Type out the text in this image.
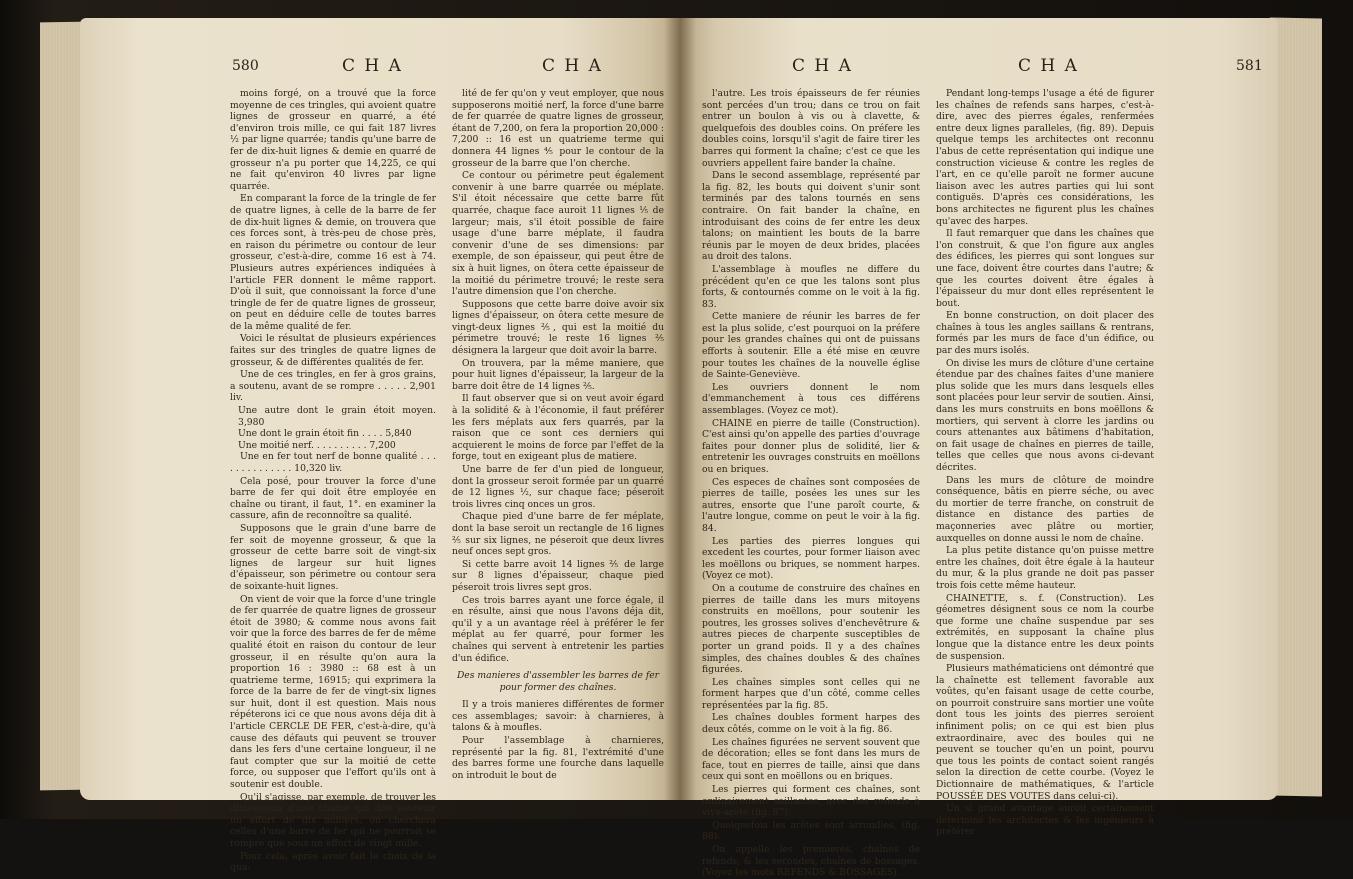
580	C H A	C H A

moins forgé, on a trouvé que la force moyenne de ces tringles, qui avoient quatre lignes de grosseur en quarré, a été d'environ trois mille, ce qui fait 187 livres ½ par ligne quarrée; tandis qu'une barre de fer de dix-huit lignes & demie en quarré de grosseur n'a pu porter que 14,225, ce qui ne fait qu'environ 40 livres par ligne quarrée.

En comparant la force de la tringle de fer de quatre lignes, à celle de la barre de fer de dix-huit lignes & demie, on trouvera que ces forces sont, à très-peu de chose près, en raison du périmetre ou contour de leur grosseur, c'est-à-dire, comme 16 est à 74. Plusieurs autres expériences indiquées à l'article FER donnent le même rapport. D'où il suit, que connoissant la force d'une tringle de fer de quatre lignes de grosseur, on peut en déduire celle de toutes barres de la même qualité de fer.

Voici le résultat de plusieurs expériences faites sur des tringles de quatre lignes de grosseur, & de différentes qualités de fer.

Une de ces tringles, en fer à gros grains, a soutenu, avant de se rompre . . . . . 2,901 liv.

Une autre dont le grain étoit moyen. 3,980

Une dont le grain étoit fin . . . . 5,840

Une moitié nerf. . . . . . . . . . 7,200

Une en fer tout nerf de bonne qualité . . . . . . . . . . . . . . 10,320 liv.

Cela posé, pour trouver la force d'une barre de fer qui doit être employée en chaîne ou tirant, il faut, 1°. en examiner la cassure, afin de reconnoître sa qualité.

Supposons que le grain d'une barre de fer soit de moyenne grosseur, & que la grosseur de cette barre soit de vingt-six lignes de largeur sur huit lignes d'épaisseur, son périmetre ou contour sera de soixante-huit lignes.

On vient de voir que la force d'une tringle de fer quarrée de quatre lignes de grosseur étoit de 3980; & comme nous avons fait voir que la force des barres de fer de même qualité étoit en raison du contour de leur grosseur, il en résulte qu'on aura la proportion 16 : 3980 :: 68 est à un quatrieme terme, 16915; qui exprimera la force de la barre de fer de vingt-six lignes sur huit, dont il est question. Mais nous répéterons ici ce que nous avons déja dit à l'article CERCLE DE FER, c'est-à-dire, qu'à cause des défauts qui peuvent se trouver dans les fers d'une certaine longueur, il ne faut compter que sur la moitié de cette force, ou supposer que l'effort qu'ils ont à soutenir est double.

Qu'il s'agisse, par exemple, de trouver les dimensions d'une chaîne qui doit soutenir un effort de dix milliers, on cherchera celles d'une barre de fer qui ne pourroit se rompre que sous un effort de vingt mille.

Pour cela, après avoir fait le choix de la qua-

lité de fer qu'on y veut employer, que nous supposerons moitié nerf, la force d'une barre de fer quarrée de quatre lignes de grosseur, étant de 7,200, on fera la proportion 20,000 : 7,200 :: 16 est un quatrieme terme qui donnera 44 lignes ⅘ pour le contour de la grosseur de la barre que l'on cherche.

Ce contour ou périmetre peut également convenir à une barre quarrée ou méplate. S'il étoit nécessaire que cette barre fût quarrée, chaque face auroit 11 lignes ⅕ de largeur; mais, s'il étoit possible de faire usage d'une barre méplate, il faudra convenir d'une de ses dimensions: par exemple, de son épaisseur, qui peut être de six à huit lignes, on ôtera cette épaisseur de la moitié du périmetre trouvé; le reste sera l'autre dimension que l'on cherche.

Supposons que cette barre doive avoir six lignes d'épaisseur, on ôtera cette mesure de vingt-deux lignes ⅖, qui est la moitié du périmetre trouvé; le reste 16 lignes ⅖ désignera la largeur que doit avoir la barre.

On trouvera, par la même maniere, que pour huit lignes d'épaisseur, la largeur de la barre doit être de 14 lignes ⅖.

Il faut observer que si on veut avoir égard à la solidité & à l'économie, il faut préférer les fers méplats aux fers quarrés, par la raison que ce sont ces derniers qui acquierent le moins de force par l'effet de la forge, tout en exigeant plus de matiere.

Une barre de fer d'un pied de longueur, dont la grosseur seroit formée par un quarré de 12 lignes ½, sur chaque face; péseroit trois livres cinq onces un gros.

Chaque pied d'une barre de fer méplate, dont la base seroit un rectangle de 16 lignes ⅖ sur six lignes, ne péseroit que deux livres neuf onces sept gros.

Si cette barre avoit 14 lignes ⅖ de large sur 8 lignes d'épaisseur, chaque pied péseroit trois livres sept gros.

Ces trois barres ayant une force égale, il en résulte, ainsi que nous l'avons déja dit, qu'il y a un avantage réel à préférer le fer méplat au fer quarré, pour former les chaînes qui servent à entretenir les parties d'un édifice.

Des manieres d'assembler les barres de fer pour former des chaînes.

Il y a trois manieres différentes de former ces assemblages; savoir: à charnieres, à talons & à moufles.

Pour l'assemblage à charnieres, représenté par la fig. 81, l'extrémité d'une des barres forme une fourche dans laquelle on introduit le bout de

C H A	C H A	581

l'autre. Les trois épaisseurs de fer réunies sont percées d'un trou; dans ce trou on fait entrer un boulon à vis ou à clavette, & quelquefois des doubles coins. On préfere les doubles coins, lorsqu'il s'agit de faire tirer les barres qui forment la chaîne; c'est ce que les ouvriers appellent faire bander la chaîne.

Dans le second assemblage, représenté par la fig. 82, les bouts qui doivent s'unir sont terminés par des talons tournés en sens contraire. On fait bander la chaîne, en introduisant des coins de fer entre les deux talons; on maintient les bouts de la barre réunis par le moyen de deux brides, placées au droit des talons.

L'assemblage à moufles ne differe du précédent qu'en ce que les talons sont plus forts, & contournés comme on le voit à la fig. 83.

Cette maniere de réunir les barres de fer est la plus solide, c'est pourquoi on la préfere pour les grandes chaînes qui ont de puissans efforts à soutenir. Elle a été mise en œuvre pour toutes les chaînes de la nouvelle église de Sainte-Geneviève.

Les ouvriers donnent le nom d'emmanchement à tous ces différens assemblages. (Voyez ce mot).

CHAINE en pierre de taille (Construction). C'est ainsi qu'on appelle des parties d'ouvrage faites pour donner plus de solidité, lier & entretenir les ouvrages construits en moëllons ou en briques.

Ces especes de chaînes sont composées de pierres de taille, posées les unes sur les autres, ensorte que l'une paroît courte, & l'autre longue, comme on peut le voir à la fig. 84.

Les parties des pierres longues qui excedent les courtes, pour former liaison avec les moëllons ou briques, se nomment harpes. (Voyez ce mot).

On a coutume de construire des chaînes en pierres de taille dans les murs mitoyens construits en moëllons, pour soutenir les poutres, les grosses solives d'enchevêtrure & autres pieces de charpente susceptibles de porter un grand poids. Il y a des chaînes simples, des chaînes doubles & des chaînes figurées.

Les chaînes simples sont celles qui ne forment harpes que d'un côté, comme celles représentées par la fig. 85.

Les chaînes doubles forment harpes des deux côtés, comme on le voit à la fig. 86.

Les chaînes figurées ne servent souvent que de décoration; elles se font dans les murs de face, tout en pierres de taille, ainsi que dans ceux qui sont en moëllons ou en briques.

Les pierres qui forment ces chaînes, sont ordinairement saillantes, avec des refends à vive-arête (fig. 87).

Quelquefois les arêtes sont arrondies, (fig. 88).

On appelle les premieres, chaînes de refends, & les secondes, chaînes de bossages. (Voyez les mots REFENDS & BOSSAGES).

Pendant long-temps l'usage a été de figurer les chaînes de refends sans harpes, c'est-à-dire, avec des pierres égales, renfermées entre deux lignes paralleles, (fig. 89). Depuis quelque temps les architectes ont reconnu l'abus de cette représentation qui indique une construction vicieuse & contre les regles de l'art, en ce qu'elle paroît ne former aucune liaison avec les autres parties qui lui sont contiguës. D'après ces considérations, les bons architectes ne figurent plus les chaînes qu'avec des harpes.

Il faut remarquer que dans les chaînes que l'on construit, & que l'on figure aux angles des édifices, les pierres qui sont longues sur une face, doivent être courtes dans l'autre; & que les courtes doivent être égales à l'épaisseur du mur dont elles représentent le bout.

En bonne construction, on doit placer des chaînes à tous les angles saillans & rentrans, formés par les murs de face d'un édifice, ou par des murs isolés.

On divise les murs de clôture d'une certaine étendue par des chaînes faites d'une maniere plus solide que les murs dans lesquels elles sont placées pour leur servir de soutien. Ainsi, dans les murs construits en bons moëllons & mortiers, qui servent à clorre les jardins ou cours attenantes aux bâtimens d'habitation, on fait usage de chaînes en pierres de taille, telles que celles que nous avons ci-devant décrites.

Dans les murs de clôture de moindre conséquence, bâtis en pierre séche, ou avec du mortier de terre franche, on construit de distance en distance des parties de maçonneries avec plâtre ou mortier, auxquelles on donne aussi le nom de chaîne.

La plus petite distance qu'on puisse mettre entre les chaînes, doit être égale à la hauteur du mur, & la plus grande ne doit pas passer trois fois cette même hauteur.

CHAINETTE, s. f. (Construction). Les géometres désignent sous ce nom la courbe que forme une chaîne suspendue par ses extrémités, en supposant la chaîne plus longue que la distance entre les deux points de suspension.

Plusieurs mathématiciens ont démontré que la chaînette est tellement favorable aux voûtes, qu'en faisant usage de cette courbe, on pourroit construire sans mortier une voûte dont tous les joints des pierres seroient infiniment polis; on ce qui est bien plus extraordinaire, avec des boules qui ne peuvent se toucher qu'en un point, pourvu que tous les points de contact soient rangés selon la direction de cette courbe. (Voyez le Dictionnaire de mathématiques, & l'article POUSSÉE DES VOUTES dans celui-ci).

Un si grand avantage auroit certainement déterminé les architectes & les ingénieurs à préférer
